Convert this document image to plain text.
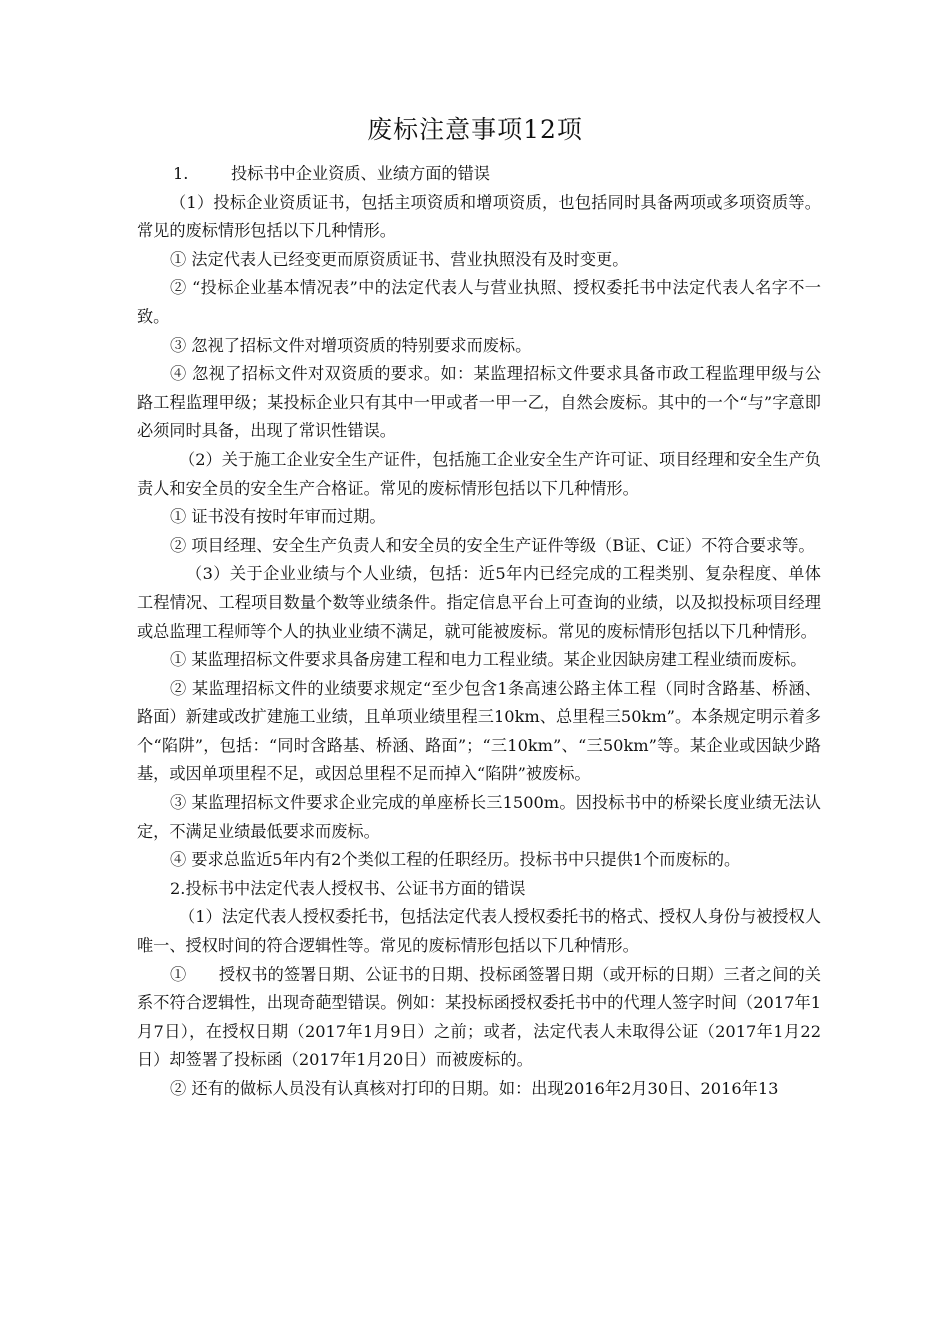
废标注意事项12项

1.	投标书中企业资质、业绩方面的错误

（1）投标企业资质证书，包括主项资质和增项资质，也包括同时具备两项或多项资质等。常见的废标情形包括以下几种情形。

① 法定代表人已经变更而原资质证书、营业执照没有及时变更。

② “投标企业基本情况表”中的法定代表人与营业执照、授权委托书中法定代表人名字不一致。

③ 忽视了招标文件对增项资质的特别要求而废标。

④ 忽视了招标文件对双资质的要求。如：某监理招标文件要求具备市政工程监理甲级与公路工程监理甲级；某投标企业只有其中一甲或者一甲一乙，自然会废标。其中的一个“与”字意即必须同时具备，出现了常识性错误。

（2）关于施工企业安全生产证件，包括施工企业安全生产许可证、项目经理和安全生产负责人和安全员的安全生产合格证。常见的废标情形包括以下几种情形。

① 证书没有按时年审而过期。

② 项目经理、安全生产负责人和安全员的安全生产证件等级（B证、C证）不符合要求等。

（3）关于企业业绩与个人业绩，包括：近5年内已经完成的工程类别、复杂程度、单体工程情况、工程项目数量个数等业绩条件。指定信息平台上可查询的业绩，以及拟投标项目经理或总监理工程师等个人的执业业绩不满足，就可能被废标。常见的废标情形包括以下几种情形。

① 某监理招标文件要求具备房建工程和电力工程业绩。某企业因缺房建工程业绩而废标。

② 某监理招标文件的业绩要求规定“至少包含1条高速公路主体工程（同时含路基、桥涵、路面）新建或改扩建施工业绩，且单项业绩里程三10km、总里程三50km”。本条规定明示着多个“陷阱”，包括：“同时含路基、桥涵、路面”；“三10km”、“三50km”等。某企业或因缺少路基，或因单项里程不足，或因总里程不足而掉入“陷阱”被废标。

③ 某监理招标文件要求企业完成的单座桥长三1500m。因投标书中的桥梁长度业绩无法认定，不满足业绩最低要求而废标。

④ 要求总监近5年内有2个类似工程的任职经历。投标书中只提供1个而废标的。

2.投标书中法定代表人授权书、公证书方面的错误

（1）法定代表人授权委托书，包括法定代表人授权委托书的格式、授权人身份与被授权人唯一、授权时间的符合逻辑性等。常见的废标情形包括以下几种情形。

①　　授权书的签署日期、公证书的日期、投标函签署日期（或开标的日期）三者之间的关系不符合逻辑性，出现奇葩型错误。例如：某投标函授权委托书中的代理人签字时间（2017年1月7日），在授权日期（2017年1月9日）之前；或者，法定代表人未取得公证（2017年1月22日）却签署了投标函（2017年1月20日）而被废标的。

② 还有的做标人员没有认真核对打印的日期。如：出现2016年2月30日、2016年13
